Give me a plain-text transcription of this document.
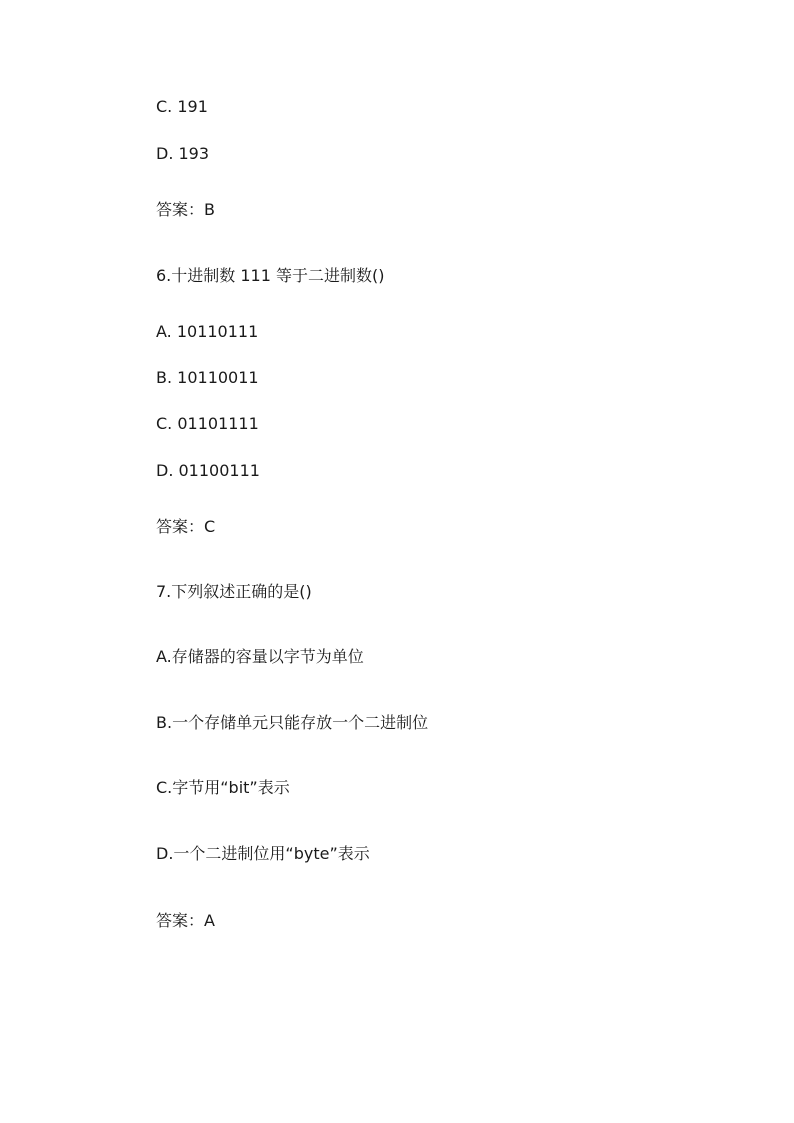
C. 191
D. 193
答案：B
6.十进制数 111 等于二进制数()
A. 10110111
B. 10110011
C. 01101111
D. 01100111
答案：C
7.下列叙述正确的是()
A.存储器的容量以字节为单位
B.一个存储单元只能存放一个二进制位
C.字节用“bit”表示
D.一个二进制位用“byte”表示
答案：A
